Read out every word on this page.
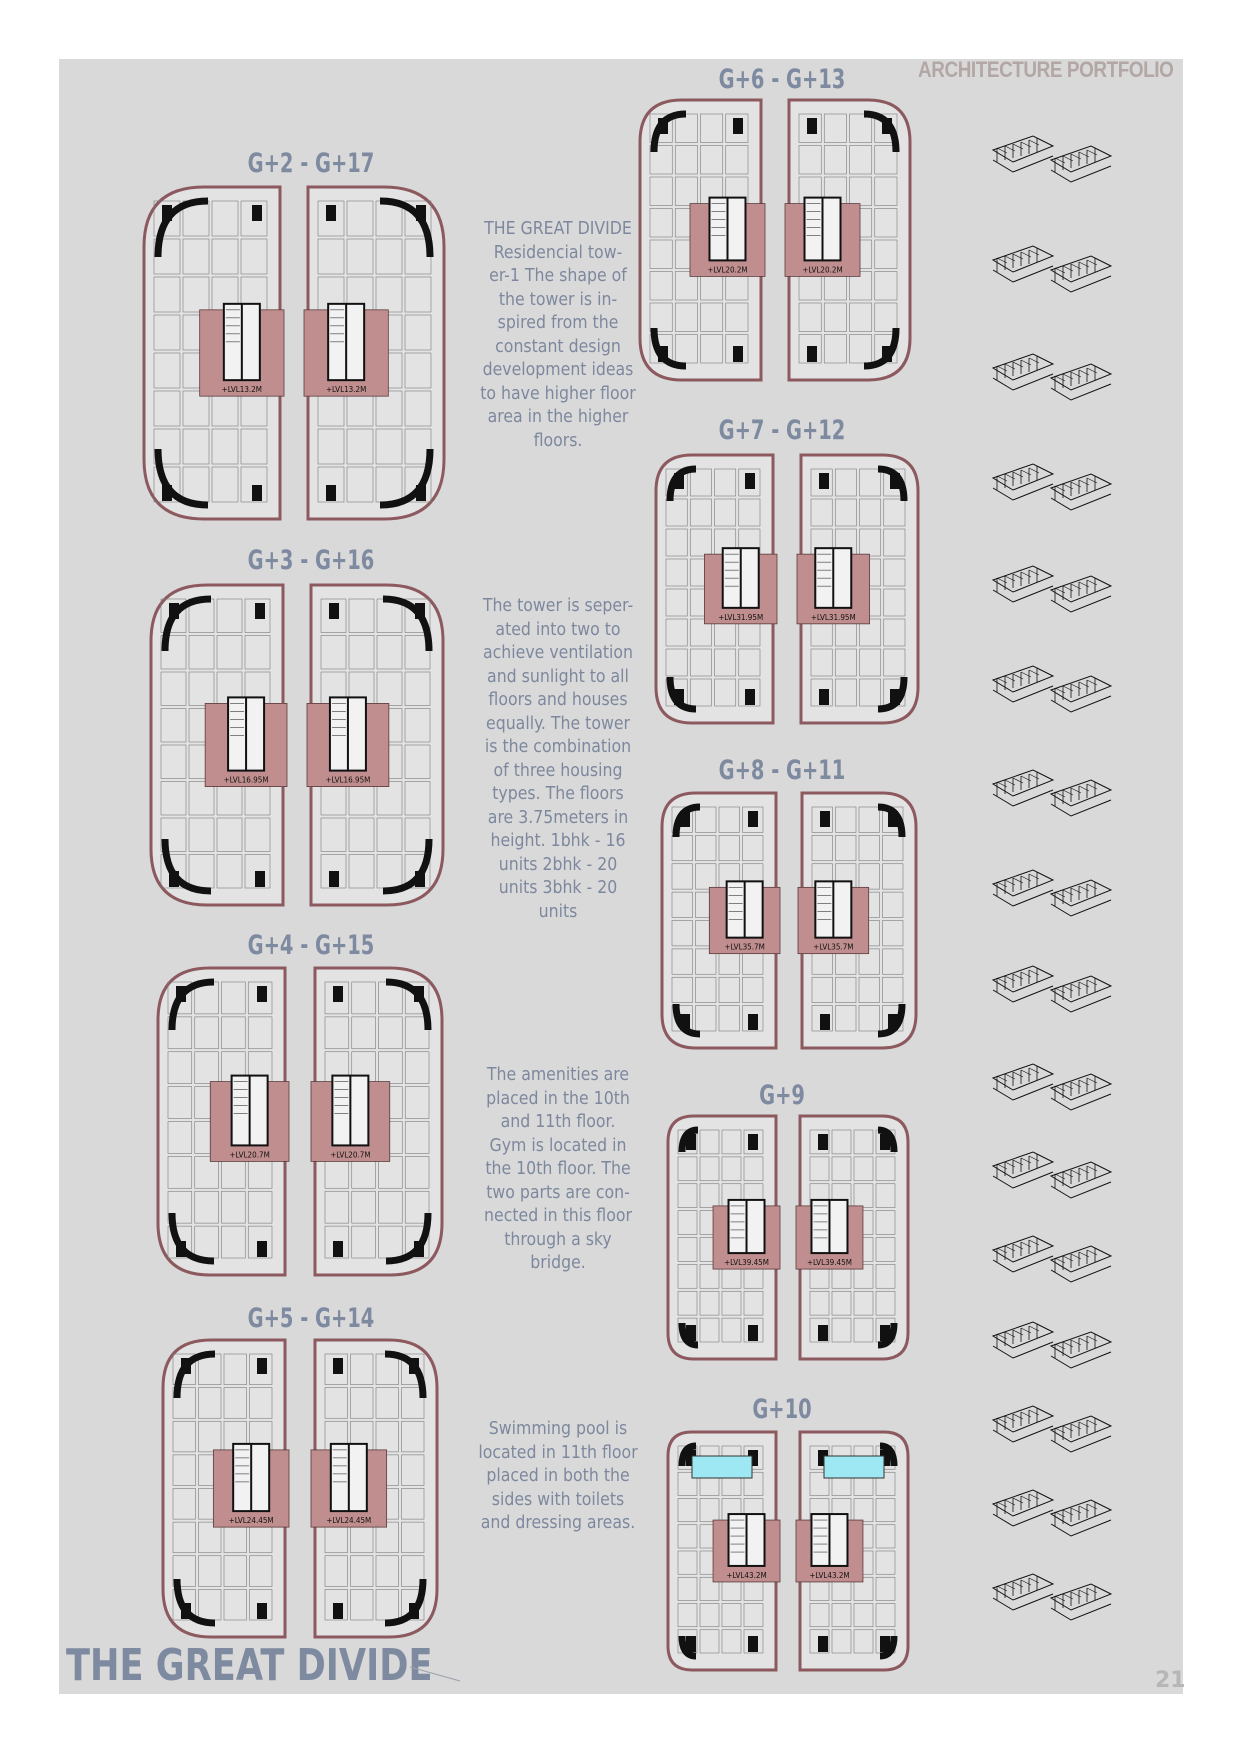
ARCHITECTURE PORTFOLIO
G+2 - G+17
G+3 - G+16
G+4 - G+15
G+5 - G+14
G+6 - G+13
G+7 - G+12
G+8 - G+11
G+9
G+10
THE GREAT DIVIDE
Residencial tow-
er-1 The shape of
the tower is in-
spired from the
constant design
development ideas
to have higher floor
area in the higher
floors.
The tower is seper-
ated into two to
achieve ventilation
and sunlight to all
floors and houses
equally. The tower
is the combination
of three housing
types. The floors
are 3.75meters in
height. 1bhk - 16
units 2bhk - 20
units 3bhk - 20
units
The amenities are
placed in the 10th
and 11th floor.
Gym is located in
the 10th floor. The
two parts are con-
nected in this floor
through a sky
bridge.
Swimming pool is
located in 11th floor
placed in both the
sides with toilets
and dressing areas.
+LVL13.2M	+LVL13.2M
+LVL16.95M	+LVL16.95M
+LVL20.7M	+LVL20.7M
+LVL24.45M	+LVL24.45M
+LVL20.2M	+LVL20.2M
+LVL31.95M	+LVL31.95M
+LVL35.7M	+LVL35.7M
+LVL39.45M	+LVL39.45M
+LVL43.2M	+LVL43.2M
THE GREAT DIVIDE	21
